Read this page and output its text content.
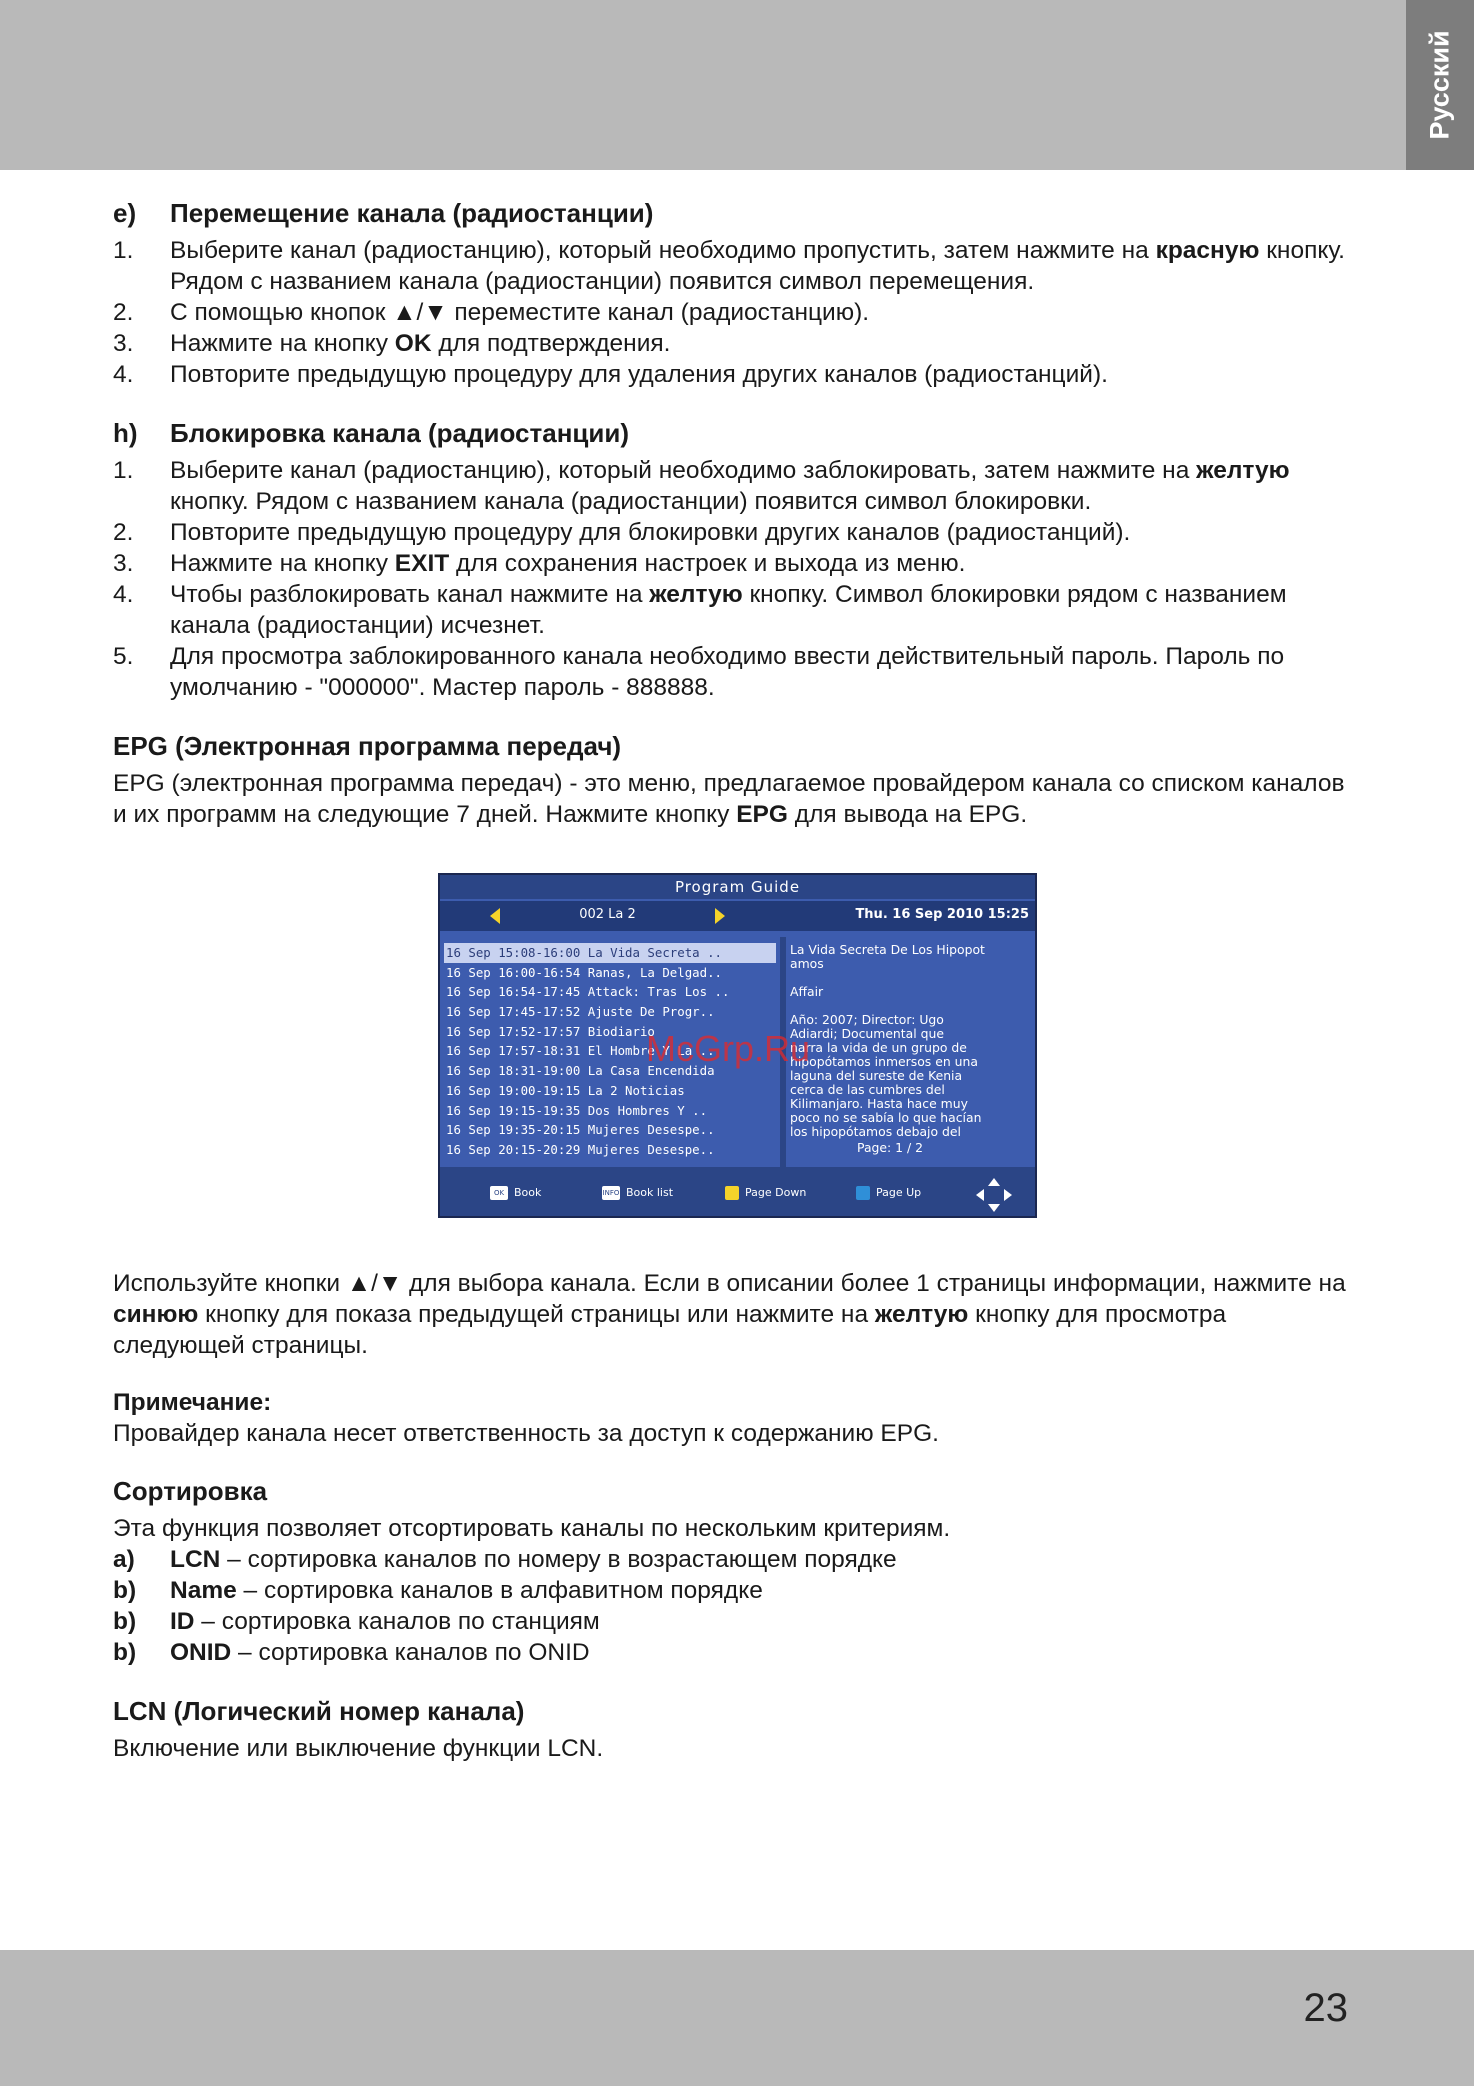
Русский
e)	Перемещение канала (радиостанции)
1.	Выберите канал (радиостанцию), который необходимо пропустить, затем нажмите на красную кнопку. Рядом с названием канала (радиостанции) появится символ перемещения.
2.	С помощью кнопок ▲/▼ переместите канал (радиостанцию).
3.	Нажмите на кнопку OK для подтверждения.
4.	Повторите предыдущую процедуру для удаления других каналов (радиостанций).
h)	Блокировка канала (радиостанции)
1.	Выберите канал (радиостанцию), который необходимо заблокировать, затем нажмите на желтую кнопку. Рядом с названием канала (радиостанции) появится символ блокировки.
2.	Повторите предыдущую процедуру для блокировки других каналов (радиостанций).
3.	Нажмите на кнопку EXIT для сохранения настроек и выхода из меню.
4.	Чтобы разблокировать канал нажмите на желтую кнопку. Символ блокировки рядом с названием канала (радиостанции) исчезнет.
5.	Для просмотра заблокированного канала необходимо ввести действительный пароль. Пароль по умолчанию - "000000". Мастер пароль - 888888.
EPG (Электронная программа передач)

EPG (электронная программа передач) - это меню, предлагаемое провайдером канала со списком каналов и их программ на следующие 7 дней. Нажмите кнопку EPG для вывода на EPG.

Program Guide
002 La 2	Thu. 16 Sep 2010 15:25
16 Sep 15:08-16:00 La Vida Secreta ..
16 Sep 16:00-16:54 Ranas, La Delgad..
16 Sep 16:54-17:45 Attack: Tras Los ..
16 Sep 17:45-17:52 Ajuste De Progr..
16 Sep 17:52-17:57 Biodiario
16 Sep 17:57-18:31 El Hombre Y La ..
16 Sep 18:31-19:00 La Casa Encendida
16 Sep 19:00-19:15 La 2 Noticias
16 Sep 19:15-19:35 Dos Hombres Y ..
16 Sep 19:35-20:15 Mujeres Desespe..
16 Sep 20:15-20:29 Mujeres Desespe..
La Vida Secreta De Los Hipopot
amos

Affair

Año: 2007; Director: Ugo
Adiardi; Documental que
narra la vida de un grupo de
hipopótamos inmersos en una
laguna del sureste de Kenia
cerca de las cumbres del
Kilimanjaro. Hasta hace muy
poco no se sabía lo que hacían
los hipopótamos debajo del
Page: 1 / 2
OK Book	INFO Book list	Page Down	Page Up
McGrp.Ru

Используйте кнопки ▲/▼ для выбора канала. Если в описании более 1 страницы информации, нажмите на синюю кнопку для показа предыдущей страницы или нажмите на желтую кнопку для просмотра следующей страницы.

Примечание:

Провайдер канала несет ответственность за доступ к содержанию EPG.

Сортировка

Эта функция позволяет отсортировать каналы по нескольким критериям.

a)	LCN – сортировка каналов по номеру в возрастающем порядке
b)	Name – сортировка каналов в алфавитном порядке
b)	ID – сортировка каналов по станциям
b)	ONID – сортировка каналов по ONID
LCN (Логический номер канала)

Включение или выключение функции LCN.

23
